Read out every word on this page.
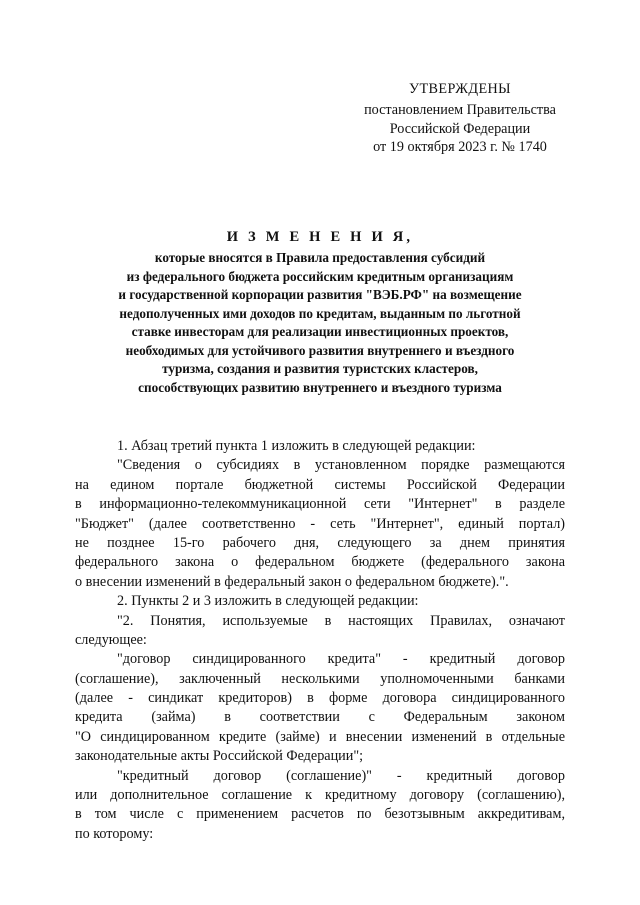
УТВЕРЖДЕНЫ
постановлением Правительства
Российской Федерации
от 19 октября 2023 г. № 1740
И З М Е Н Е Н И Я,
которые вносятся в Правила предоставления субсидий
из федерального бюджета российским кредитным организациям
и государственной корпорации развития "ВЭБ.РФ" на возмещение
недополученных ими доходов по кредитам, выданным по льготной
ставке инвесторам для реализации инвестиционных проектов,
необходимых для устойчивого развития внутреннего и въездного
туризма, создания и развития туристских кластеров,
способствующих развитию внутреннего и въездного туризма
1. Абзац третий пункта 1 изложить в следующей редакции:
"Сведения о субсидиях в установленном порядке размещаются
на едином портале бюджетной системы Российской Федерации
в информационно-телекоммуникационной сети "Интернет" в разделе
"Бюджет" (далее соответственно - сеть "Интернет", единый портал)
не позднее 15-го рабочего дня, следующего за днем принятия
федерального закона о федеральном бюджете (федерального закона
о внесении изменений в федеральный закон о федеральном бюджете).".
2. Пункты 2 и 3 изложить в следующей редакции:
"2. Понятия, используемые в настоящих Правилах, означают
следующее:
"договор синдицированного кредита" - кредитный договор
(соглашение), заключенный несколькими уполномоченными банками
(далее - синдикат кредиторов) в форме договора синдицированного
кредита (займа) в соответствии с Федеральным законом
"О синдицированном кредите (займе) и внесении изменений в отдельные
законодательные акты Российской Федерации";
"кредитный договор (соглашение)" - кредитный договор
или дополнительное соглашение к кредитному договору (соглашению),
в том числе с применением расчетов по безотзывным аккредитивам,
по которому:
